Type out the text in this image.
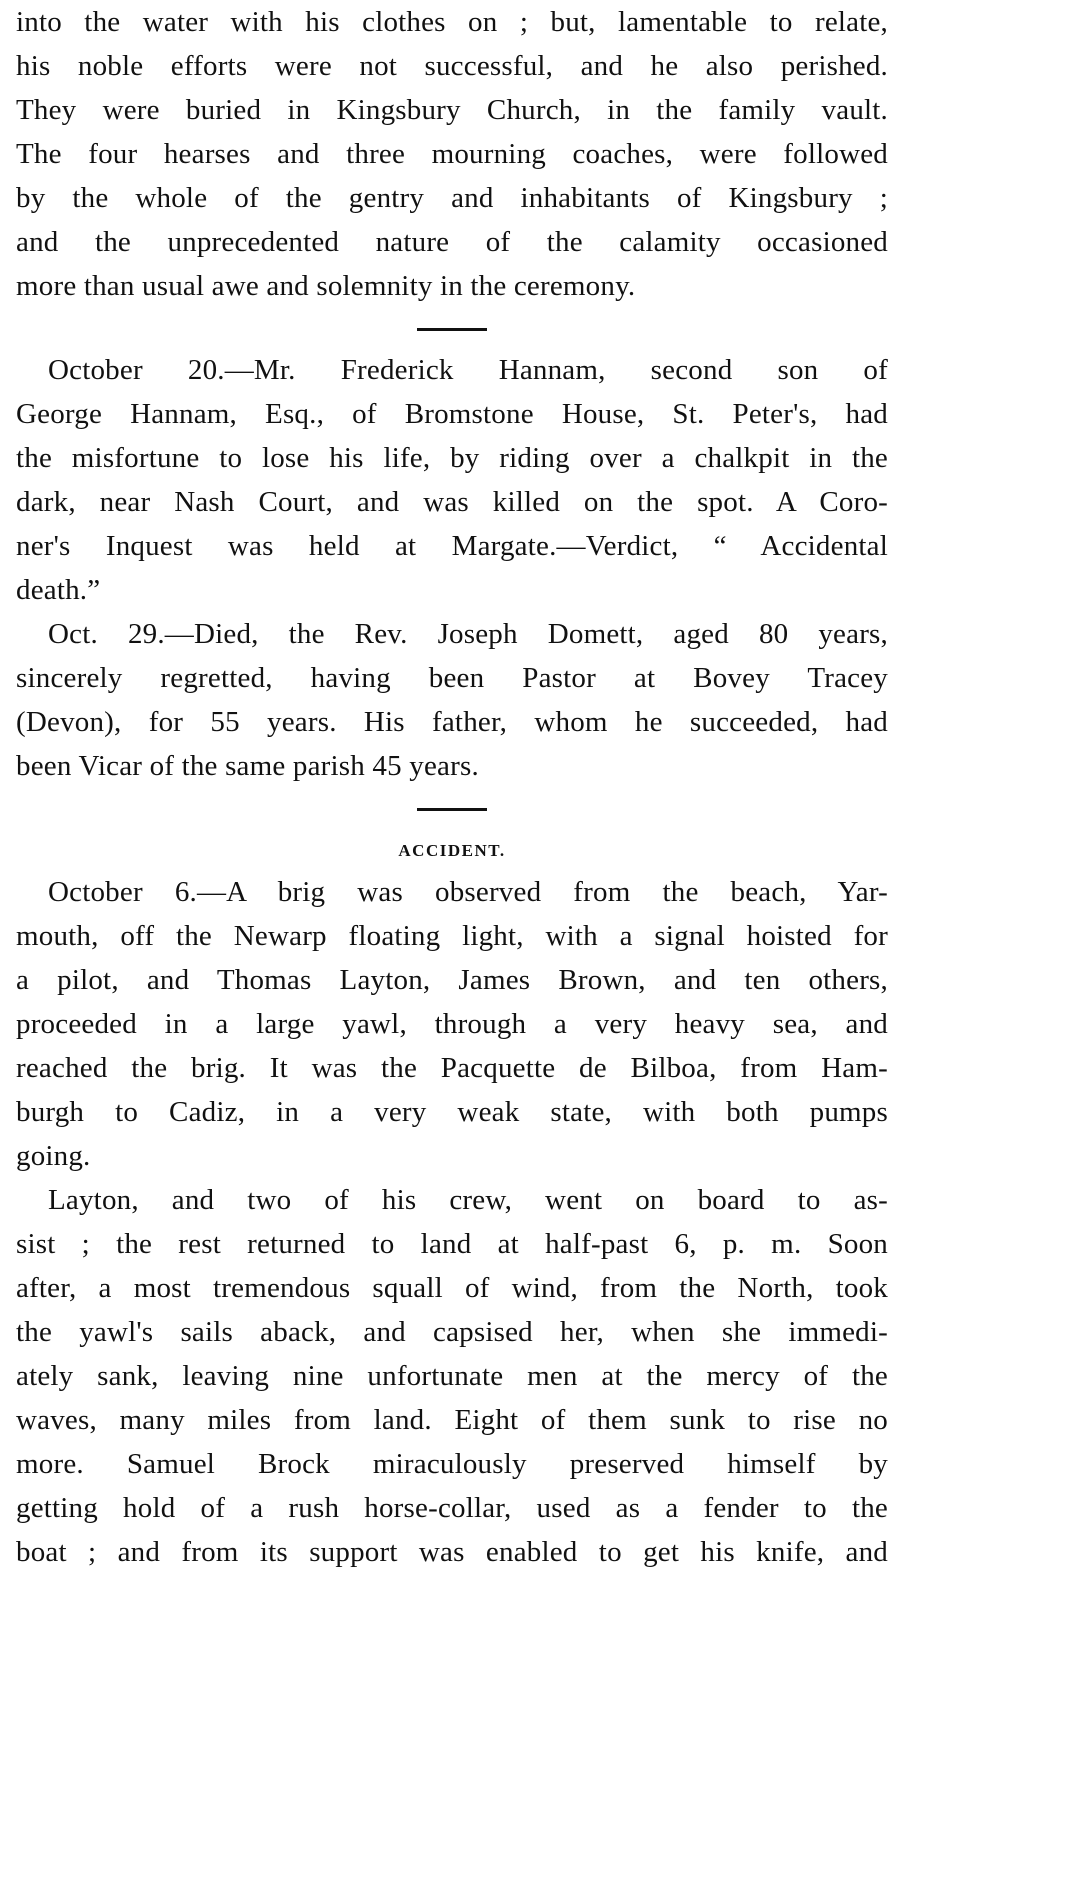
into the water with his clothes on ; but, lamentable to relate,
his noble efforts were not successful, and he also perished.
They were buried in Kingsbury Church, in the family vault.
The four hearses and three mourning coaches, were followed
by the whole of the gentry and inhabitants of Kingsbury ;
and the unprecedented nature of the calamity occasioned
more than usual awe and solemnity in the ceremony.
October 20.—Mr. Frederick Hannam, second son of
George Hannam, Esq., of Bromstone House, St. Peter's, had
the misfortune to lose his life, by riding over a chalkpit in the
dark, near Nash Court, and was killed on the spot. A Coro-
ner's Inquest was held at Margate.—Verdict, “ Accidental
death.”
Oct. 29.—Died, the Rev. Joseph Domett, aged 80 years,
sincerely regretted, having been Pastor at Bovey Tracey
(Devon), for 55 years. His father, whom he succeeded, had
been Vicar of the same parish 45 years.
ACCIDENT.
October 6.—A brig was observed from the beach, Yar-
mouth, off the Newarp floating light, with a signal hoisted for
a pilot, and Thomas Layton, James Brown, and ten others,
proceeded in a large yawl, through a very heavy sea, and
reached the brig. It was the Pacquette de Bilboa, from Ham-
burgh to Cadiz, in a very weak state, with both pumps
going.
Layton, and two of his crew, went on board to as-
sist ; the rest returned to land at half-past 6, p. m. Soon
after, a most tremendous squall of wind, from the North, took
the yawl's sails aback, and capsised her, when she immedi-
ately sank, leaving nine unfortunate men at the mercy of the
waves, many miles from land. Eight of them sunk to rise no
more. Samuel Brock miraculously preserved himself by
getting hold of a rush horse-collar, used as a fender to the
boat ; and from its support was enabled to get his knife, and
